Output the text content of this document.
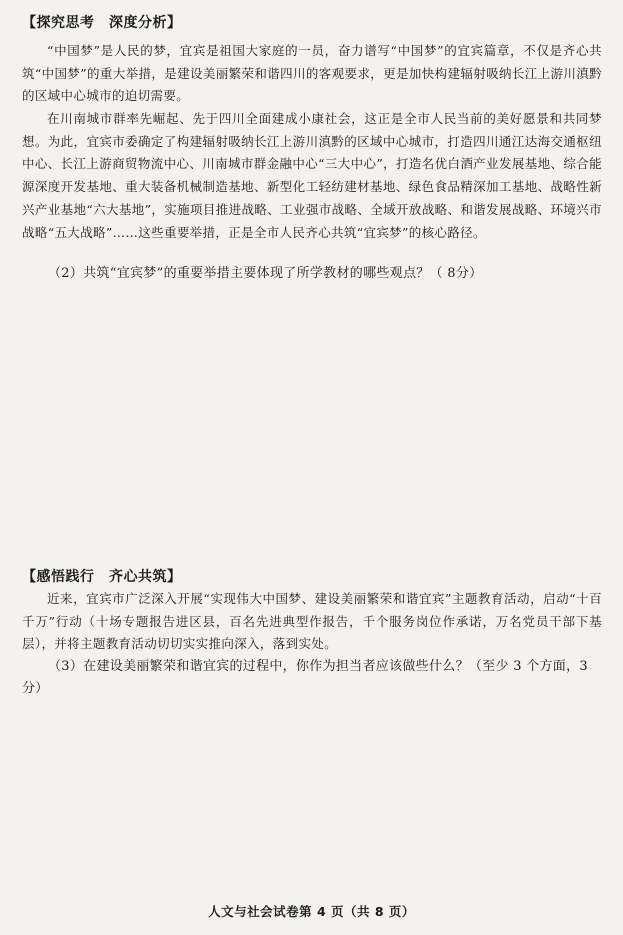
【探究思考　深度分析】
“中国梦”是人民的梦，宜宾是祖国大家庭的一员，奋力谱写“中国梦”的宜宾篇章，不仅是齐心共筑“中国梦”的重大举措，是建设美丽繁荣和谐四川的客观要求，更是加快构建辐射吸纳长江上游川滇黔的区域中心城市的迫切需要。
在川南城市群率先崛起、先于四川全面建成小康社会，这正是全市人民当前的美好愿景和共同梦想。为此，宜宾市委确定了构建辐射吸纳长江上游川滇黔的区域中心城市，打造四川通江达海交通枢纽中心、长江上游商贸物流中心、川南城市群金融中心“三大中心”，打造名优白酒产业发展基地、综合能源深度开发基地、重大装备机械制造基地、新型化工轻纺建材基地、绿色食品精深加工基地、战略性新兴产业基地“六大基地”，实施项目推进战略、工业强市战略、全域开放战略、和谐发展战略、环境兴市战略“五大战略”……这些重要举措，正是全市人民齐心共筑“宜宾梦”的核心路径。
（2）共筑“宜宾梦”的重要举措主要体现了所学教材的哪些观点？（ 8分）
【感悟践行　齐心共筑】
近来，宜宾市广泛深入开展“实现伟大中国梦、建设美丽繁荣和谐宜宾”主题教育活动，启动“十百千万”行动（十场专题报告进区县，百名先进典型作报告，千个服务岗位作承诺，万名党员干部下基层），并将主题教育活动切切实实推向深入，落到实处。
（3）在建设美丽繁荣和谐宜宾的过程中，你作为担当者应该做些什么？（至少 3 个方面，3 分）
人文与社会试卷第 4 页（共 8 页）
